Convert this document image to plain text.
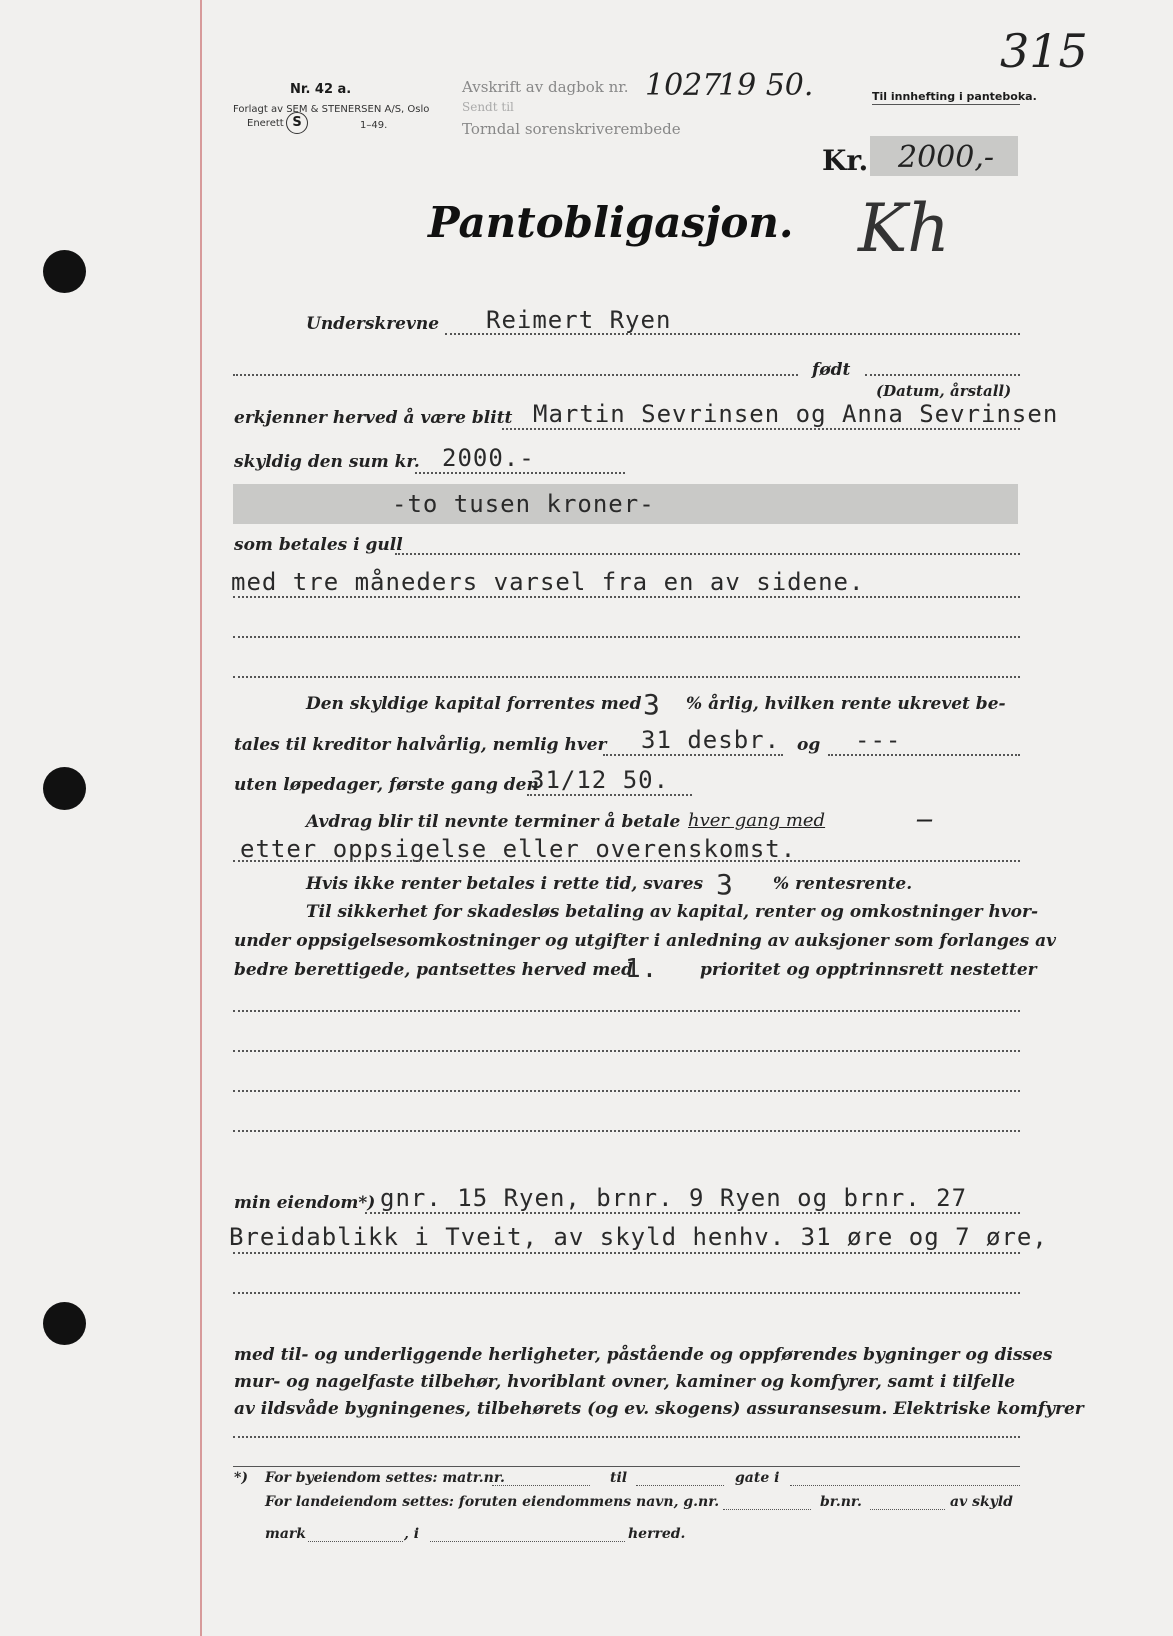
315
Nr. 42 a.
Forlagt av SEM & STENERSEN A/S, Oslo
Enerett S	1–49.
Avskrift av dagbok nr. 1027
19 50.
Sendt til
Torndal sorenskriverembede
Til innhefting i panteboka.
Kr. 2000,-
Pantobligasjon. Kh
Underskrevne Reimert Ryen
født
(Datum, årstall)
erkjenner herved å være blitt Martin Sevrinsen og Anna Sevrinsen
skyldig den sum kr. 2000.-
-to tusen kroner-
som betales i gull
med tre måneders varsel fra en av sidene.
Den skyldige kapital forrentes med 3 % årlig, hvilken rente ukrevet be-
tales til kreditor halvårlig, nemlig hver 31 desbr. og ---
uten løpedager, første gang den
31/12 50.
Avdrag blir til nevnte terminer å betale hver gang med	—
etter oppsigelse eller overenskomst.
Hvis ikke renter betales i rette tid, svares 3 % rentesrente.
Til sikkerhet for skadesløs betaling av kapital, renter og omkostninger hvor-
under oppsigelsesomkostninger og utgifter i anledning av auksjoner som forlanges av
bedre berettigede, pantsettes herved med
1. prioritet og opptrinnsrett nestetter
min eiendom*) gnr. 15 Ryen, brnr. 9 Ryen og brnr. 27
Breidablikk i Tveit, av skyld henhv. 31 øre og 7 øre,
med til- og underliggende herligheter, påstående og oppførendes bygninger og disses
mur- og nagelfaste tilbehør, hvoriblant ovner, kaminer og komfyrer, samt i tilfelle
av ildsvåde bygningenes, tilbehørets (og ev. skogens) assuransesum. Elektriske komfyrer
*) For byeiendom settes: matr.nr.	til	gate i
For landeiendom settes: foruten eiendommens navn, g.nr.	br.nr.	av skyld
mark	, i	herred.
